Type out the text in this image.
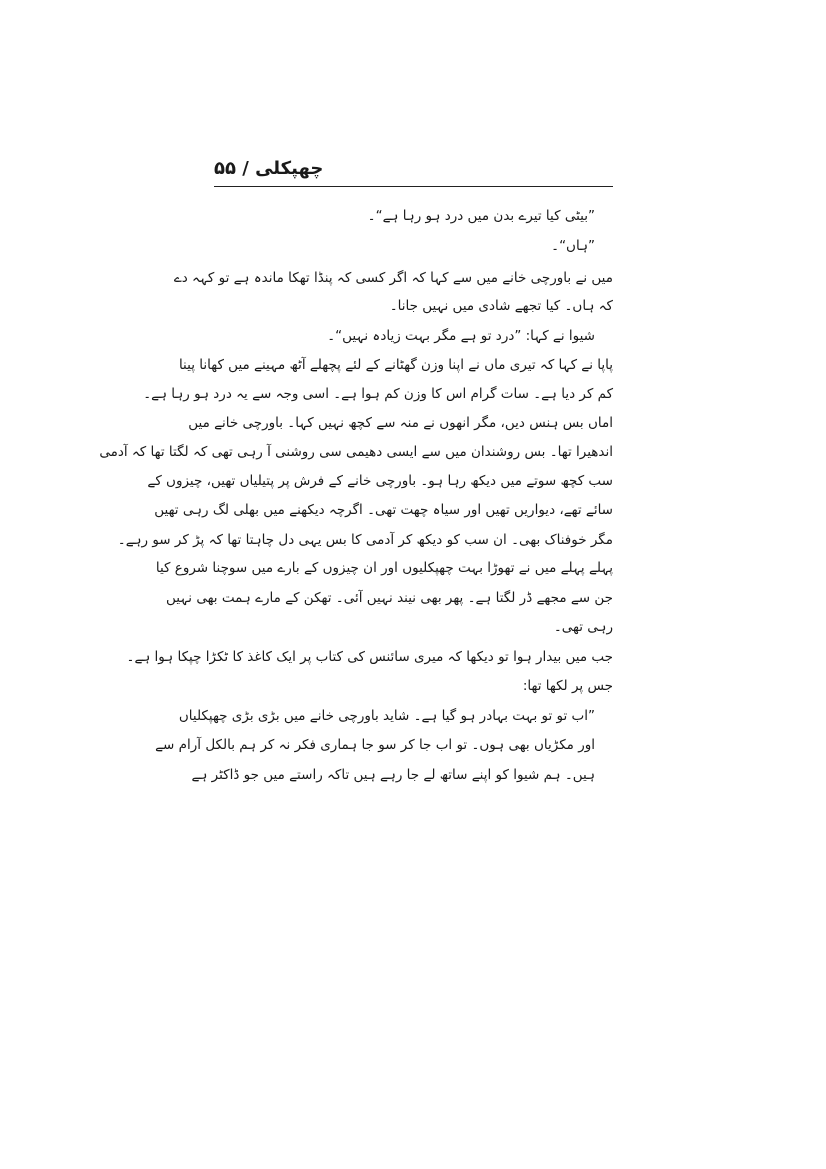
چھپکلی / ۵۵
”بیٹی کیا تیرے بدن میں درد ہو رہا ہے“۔
”ہاں“۔
میں نے باورچی خانے میں سے کہا کہ اگر کسی کہ پنڈا تھکا ماندہ ہے تو کہہ دے
کہ ہاں۔ کیا تجھے شادی میں نہیں جانا۔
شیوا نے کہا: ”درد تو ہے مگر بہت زیادہ نہیں“۔
پاپا نے کہا کہ تیری ماں نے اپنا وزن گھٹانے کے لئے پچھلے آٹھ مہینے میں کھانا پینا
کم کر دیا ہے۔ سات گرام اس کا وزن کم ہوا ہے۔ اسی وجہ سے یہ درد ہو رہا ہے۔
اماں بس ہنس دیں، مگر انھوں نے منہ سے کچھ نہیں کہا۔ باورچی خانے میں
اندھیرا تھا۔ بس روشندان میں سے ایسی دھیمی سی روشنی آ رہی تھی کہ لگتا تھا کہ آدمی
سب کچھ سوتے میں دیکھ رہا ہو۔ باورچی خانے کے فرش پر پتیلیاں تھیں، چیزوں کے
سائے تھے، دیواریں تھیں اور سیاہ چھت تھی۔ اگرچہ دیکھنے میں بھلی لگ رہی تھیں
مگر خوفناک بھی۔ ان سب کو دیکھ کر آدمی کا بس یہی دل چاہتا تھا کہ پڑ کر سو رہے۔
پہلے پہلے میں نے تھوڑا بہت چھپکلیوں اور ان چیزوں کے بارے میں سوچنا شروع کیا
جن سے مجھے ڈر لگتا ہے۔ پھر بھی نیند نہیں آئی۔ تھکن کے مارے ہمت بھی نہیں
رہی تھی۔
جب میں بیدار ہوا تو دیکھا کہ میری سائنس کی کتاب پر ایک کاغذ کا ٹکڑا چپکا ہوا ہے۔
جس پر لکھا تھا:
”اب تو تو بہت بہادر ہو گیا ہے۔ شاید باورچی خانے میں بڑی بڑی چھپکلیاں
اور مکڑیاں بھی ہوں۔ تو اب جا کر سو جا ہماری فکر نہ کر ہم بالکل آرام سے
ہیں۔ ہم شیوا کو اپنے ساتھ لے جا رہے ہیں تاکہ راستے میں جو ڈاکٹر ہے
